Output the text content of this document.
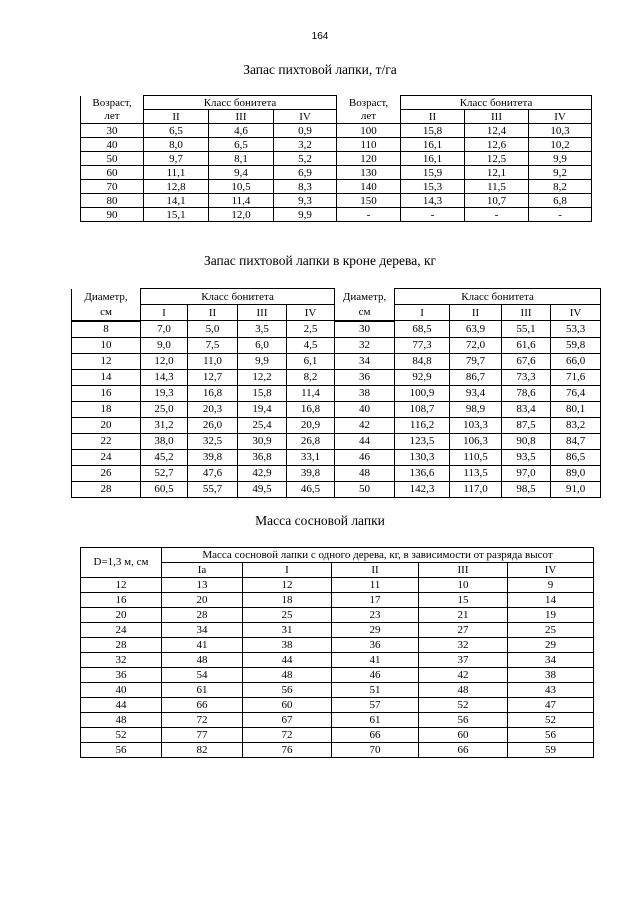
164
Запас пихтовой лапки, т/га
Возраст,	Класс бонитета			Возраст,	Класс бонитета		
лет	II	III	IV	лет	II	III	IV
30	6,5	4,6	0,9	100	15,8	12,4	10,3
40	8,0	6,5	3,2	110	16,1	12,6	10,2
50	9,7	8,1	5,2	120	16,1	12,5	9,9
60	11,1	9,4	6,9	130	15,9	12,1	9,2
70	12,8	10,5	8,3	140	15,3	11,5	8,2
80	14,1	11,4	9,3	150	14,3	10,7	6,8
90	15,1	12,0	9,9	-	-	-	-
Запас пихтовой лапки в кроне дерева, кг
Диаметр,	Класс бонитета				Диаметр,	Класс бонитета			
см	I	II	III	IV	см	I	II	III	IV
8	7,0	5,0	3,5	2,5	30	68,5	63,9	55,1	53,3
10	9,0	7,5	6,0	4,5	32	77,3	72,0	61,6	59,8
12	12,0	11,0	9,9	6,1	34	84,8	79,7	67,6	66,0
14	14,3	12,7	12,2	8,2	36	92,9	86,7	73,3	71,6
16	19,3	16,8	15,8	11,4	38	100,9	93,4	78,6	76,4
18	25,0	20,3	19,4	16,8	40	108,7	98,9	83,4	80,1
20	31,2	26,0	25,4	20,9	42	116,2	103,3	87,5	83,2
22	38,0	32,5	30,9	26,8	44	123,5	106,3	90,8	84,7
24	45,2	39,8	36,8	33,1	46	130,3	110,5	93,5	86,5
26	52,7	47,6	42,9	39,8	48	136,6	113,5	97,0	89,0
28	60,5	55,7	49,5	46,5	50	142,3	117,0	98,5	91,0
Масса сосновой лапки
D=1,3 м, см	Масса сосновой лапки с одного дерева, кг, в зависимости от разряда высот				
	Ia	I	II	III	IV
12	13	12	11	10	9
16	20	18	17	15	14
20	28	25	23	21	19
24	34	31	29	27	25
28	41	38	36	32	29
32	48	44	41	37	34
36	54	48	46	42	38
40	61	56	51	48	43
44	66	60	57	52	47
48	72	67	61	56	52
52	77	72	66	60	56
56	82	76	70	66	59
